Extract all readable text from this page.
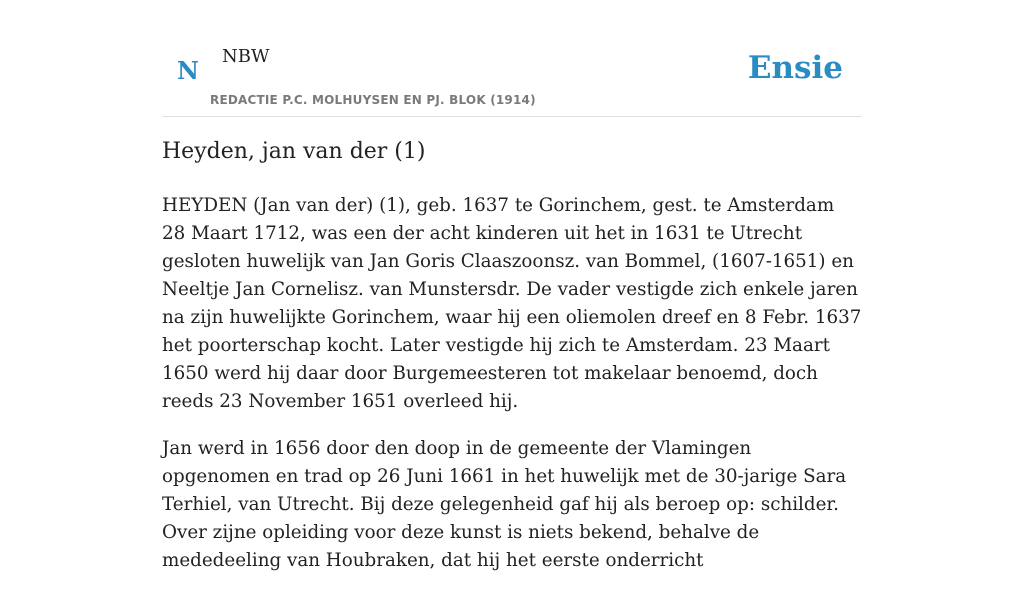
N NBW
REDACTIE P.C. MOLHUYSEN EN PJ. BLOK (1914)
Ensie
Heyden, jan van der (1)

HEYDEN (Jan van der) (1), geb. 1637 te Gorinchem, gest. te Amsterdam 28 Maart 1712, was een der acht kinderen uit het in 1631 te Utrecht gesloten huwelijk van Jan Goris Claaszoonsz. van Bommel, (1607-1651) en Neeltje Jan Cornelisz. van Munstersdr. De vader vestigde zich enkele jaren na zijn huwelijkte Gorinchem, waar hij een oliemolen dreef en 8 Febr. 1637 het poorterschap kocht. Later vestigde hij zich te Amsterdam. 23 Maart 1650 werd hij daar door Burgemeesteren tot makelaar benoemd, doch reeds 23 November 1651 overleed hij.

Jan werd in 1656 door den doop in de gemeente der Vlamingen opgenomen en trad op 26 Juni 1661 in het huwelijk met de 30-jarige Sara Terhiel, van Utrecht. Bij deze gelegenheid gaf hij als beroep op: schilder. Over zijne opleiding voor deze kunst is niets bekend, behalve de mededeeling van Houbraken, dat hij het eerste onderricht
